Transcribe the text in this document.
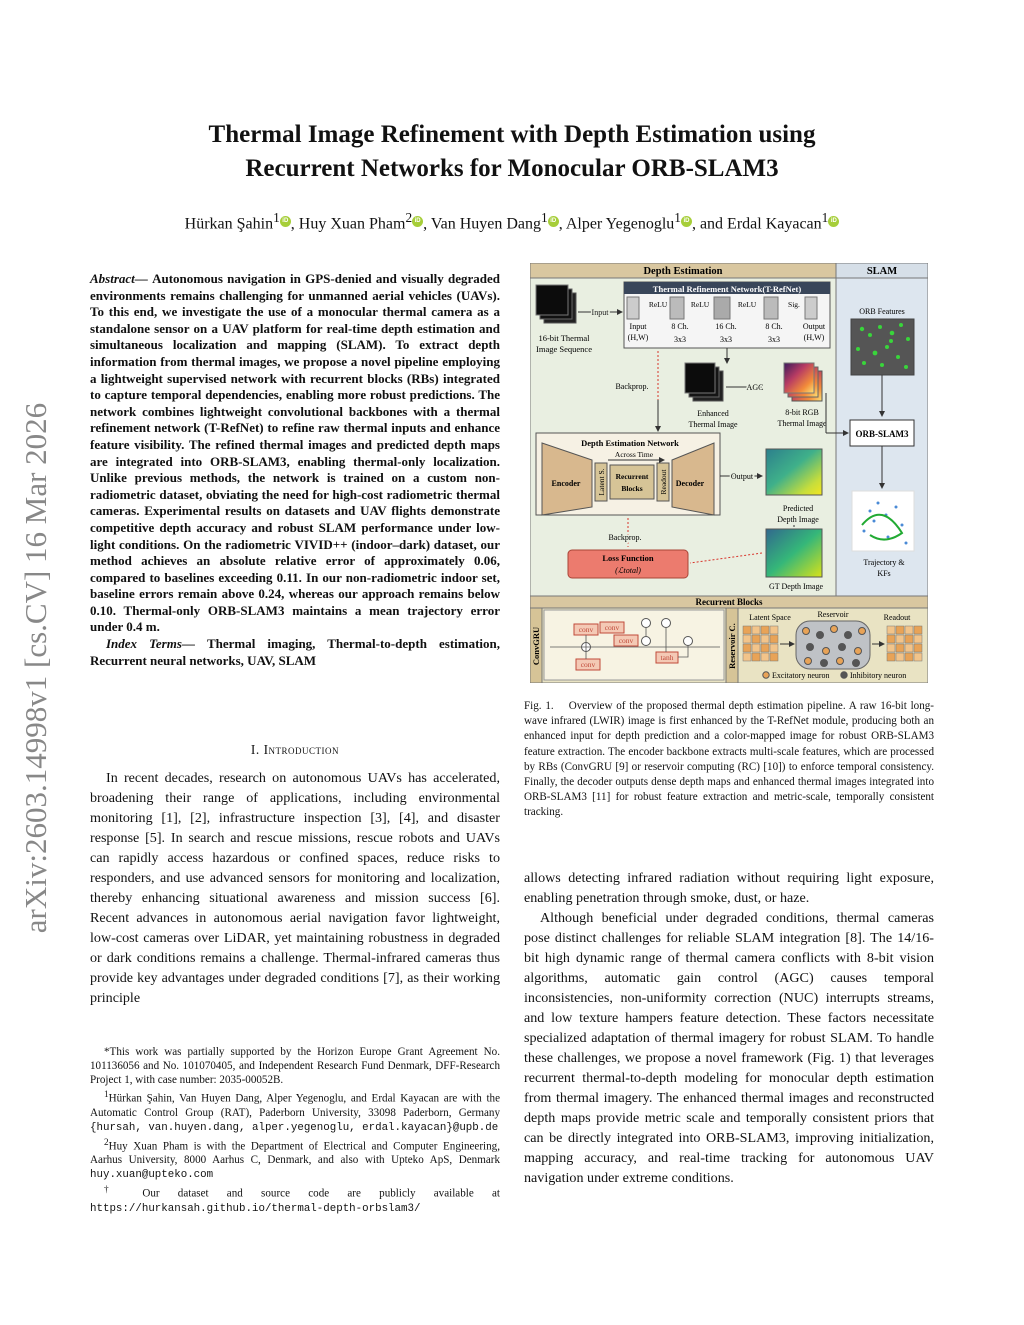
Thermal Image Refinement with Depth Estimation using
Recurrent Networks for Monocular ORB-SLAM3
Hürkan Şahin$^1$ iD , Huy Xuan Pham$^2$ iD , Van Huyen Dang$^1$ iD , Alper Yegenoglu$^1$ iD , and Erdal Kayacan$^1$ iD
arXiv:2603.14998v1 [cs.CV] 16 Mar 2026
Abstract— Autonomous navigation in GPS-denied and visually degraded environments remains challenging for unmanned aerial vehicles (UAVs). To this end, we investigate the use of a monocular thermal camera as a standalone sensor on a UAV platform for real-time depth estimation and simultaneous localization and mapping (SLAM). To extract depth information from thermal images, we propose a novel pipeline employing a lightweight supervised network with recurrent blocks (RBs) integrated to capture temporal dependencies, enabling more robust predictions. The network combines lightweight convolutional backbones with a thermal refinement network (T-RefNet) to refine raw thermal inputs and enhance feature visibility. The refined thermal images and predicted depth maps are integrated into ORB-SLAM3, enabling thermal-only localization. Unlike previous methods, the network is trained on a custom non-radiometric dataset, obviating the need for high-cost radiometric thermal cameras. Experimental results on datasets and UAV flights demonstrate competitive depth accuracy and robust SLAM performance under low-light conditions. On the radiometric VIVID++ (indoor–dark) dataset, our method achieves an absolute relative error of approximately 0.06, compared to baselines exceeding 0.11. In our non-radiometric indoor set, baseline errors remain above 0.24, whereas our approach remains below 0.10. Thermal-only ORB-SLAM3 maintains a mean trajectory error under 0.4 m.
Index Terms— Thermal imaging, Thermal-to-depth estimation, Recurrent neural networks, UAV, SLAM
I. Introduction

In recent decades, research on autonomous UAVs has accelerated, broadening their range of applications, including environmental monitoring [1], [2], infrastructure inspection [3], [4], and disaster response [5]. In search and rescue missions, rescue robots and UAVs can rapidly access hazardous or confined spaces, reduce risks to responders, and use advanced sensors for monitoring and localization, thereby enhancing situational awareness and mission success [6]. Recent advances in autonomous aerial navigation favor lightweight, low-cost cameras over LiDAR, yet maintaining robustness in degraded or dark conditions remains a challenge. Thermal-infrared cameras thus provide key advantages under degraded conditions [7], as their working principle

*This work was partially supported by the Horizon Europe Grant Agreement No. 101136056 and No. 101070405, and Independent Research Fund Denmark, DFF-Research Project 1, with case number: 2035-00052B.

$^1$Hürkan Şahin, Van Huyen Dang, Alper Yegenoglu, and Erdal Kayacan are with the Automatic Control Group (RAT), Paderborn University, 33098 Paderborn, Germany {hursah, van.huyen.dang, alper.yegenoglu, erdal.kayacan}@upb.de

$^2$Huy Xuan Pham is with the Department of Electrical and Computer Engineering, Aarhus University, 8000 Aarhus C, Denmark, and also with Upteko ApS, Denmark huy.xuan@upteko.com

† Our dataset and source code are publicly available at https://hurkansah.github.io/thermal-depth-orbslam3/

Depth Estimation	SLAM
16-bit Thermal
Image Sequence
Input
Thermal Refinement Network(T-RefNet)
ReLU	ReLU	ReLU	Sig.
Input
(H,W)
8 Ch.
3x3
16 Ch.
3x3
8 Ch.
3x3
Output
(H,W)
Backprop.
Enhanced
Thermal Image
AGC
8-bit RGB
Thermal Image
ORB Features
ORB-SLAM3
Trajectory &
KFs
Depth Estimation Network
Across Time
Encoder Latent S. Recurrent
Blocks Readout Decoder
Output
Predicted
Depth Image
Backprop.
Loss Function
(ℒtotal)
GT Depth Image
Recurrent Blocks
ConvGRU	conv conv
conv
conv
tanh	Reservoir C.
Latent Space	Reservoir	Readout
Excitatory neuron	Inhibitory neuron
Fig. 1. Overview of the proposed thermal depth estimation pipeline. A raw 16-bit long-wave infrared (LWIR) image is first enhanced by the T-RefNet module, producing both an enhanced input for depth prediction and a color-mapped image for robust ORB-SLAM3 feature extraction. The encoder backbone extracts multi-scale features, which are processed by RBs (ConvGRU [9] or reservoir computing (RC) [10]) to enforce temporal consistency. Finally, the decoder outputs dense depth maps and enhanced thermal images integrated into ORB-SLAM3 [11] for robust feature extraction and metric-scale, temporally consistent tracking.

allows detecting infrared radiation without requiring light exposure, enabling penetration through smoke, dust, or haze.

Although beneficial under degraded conditions, thermal cameras pose distinct challenges for reliable SLAM integration [8]. The 14/16-bit high dynamic range of thermal camera conflicts with 8-bit vision algorithms, automatic gain control (AGC) causes temporal inconsistencies, non-uniformity correction (NUC) interrupts streams, and low texture hampers feature detection. These factors necessitate specialized adaptation of thermal imagery for robust SLAM. To handle these challenges, we propose a novel framework (Fig. 1) that leverages recurrent thermal-to-depth modeling for monocular depth estimation from thermal imagery. The enhanced thermal images and reconstructed depth maps provide metric scale and temporally consistent priors that can be directly integrated into ORB-SLAM3, improving initialization, mapping accuracy, and real-time tracking for autonomous UAV navigation under extreme conditions.
